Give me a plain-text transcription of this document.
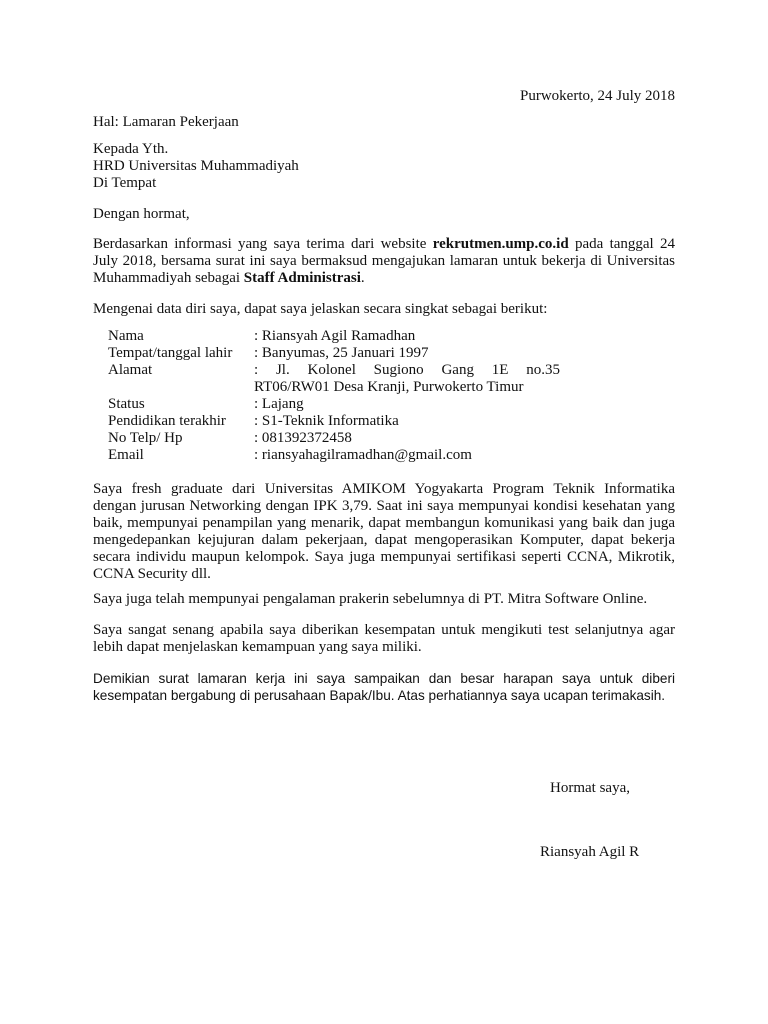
Purwokerto, 24 July 2018

Hal: Lamaran Pekerjaan

Kepada Yth.
HRD Universitas Muhammadiyah
Di Tempat

Dengan hormat,

Berdasarkan informasi yang saya terima dari website rekrutmen.ump.co.id pada tanggal 24
July 2018, bersama surat ini saya bermaksud mengajukan lamaran untuk bekerja di Universitas
Muhammadiyah sebagai Staff Administrasi.

Mengenai data diri saya, dapat saya jelaskan secara singkat sebagai berikut:

Nama	: Riansyah Agil Ramadhan
Tempat/tanggal lahir : Banyumas, 25 Januari 1997
Alamat	: Jl. Kolonel Sugiono Gang 1E no.35
RT06/RW01 Desa Kranji, Purwokerto Timur
Status	: Lajang
Pendidikan terakhir : S1-Teknik Informatika
No Telp/ Hp	: 081392372458
Email	: riansyahagilramadhan@gmail.com
Saya fresh graduate dari Universitas AMIKOM Yogyakarta Program Teknik Informatika
dengan jurusan Networking dengan IPK 3,79. Saat ini saya mempunyai kondisi kesehatan yang
baik, mempunyai penampilan yang menarik, dapat membangun komunikasi yang baik dan juga
mengedepankan kejujuran dalam pekerjaan, dapat mengoperasikan Komputer, dapat bekerja
secara individu maupun kelompok. Saya juga mempunyai sertifikasi seperti CCNA, Mikrotik,
CCNA Security dll.

Saya juga telah mempunyai pengalaman prakerin sebelumnya di PT. Mitra Software Online.

Saya sangat senang apabila saya diberikan kesempatan untuk mengikuti test selanjutnya agar
lebih dapat menjelaskan kemampuan yang saya miliki.
Demikian surat lamaran kerja ini saya sampaikan dan besar harapan saya untuk diberi
kesempatan bergabung di perusahaan Bapak/Ibu. Atas perhatiannya saya ucapan terimakasih.

Hormat saya,

Riansyah Agil R
